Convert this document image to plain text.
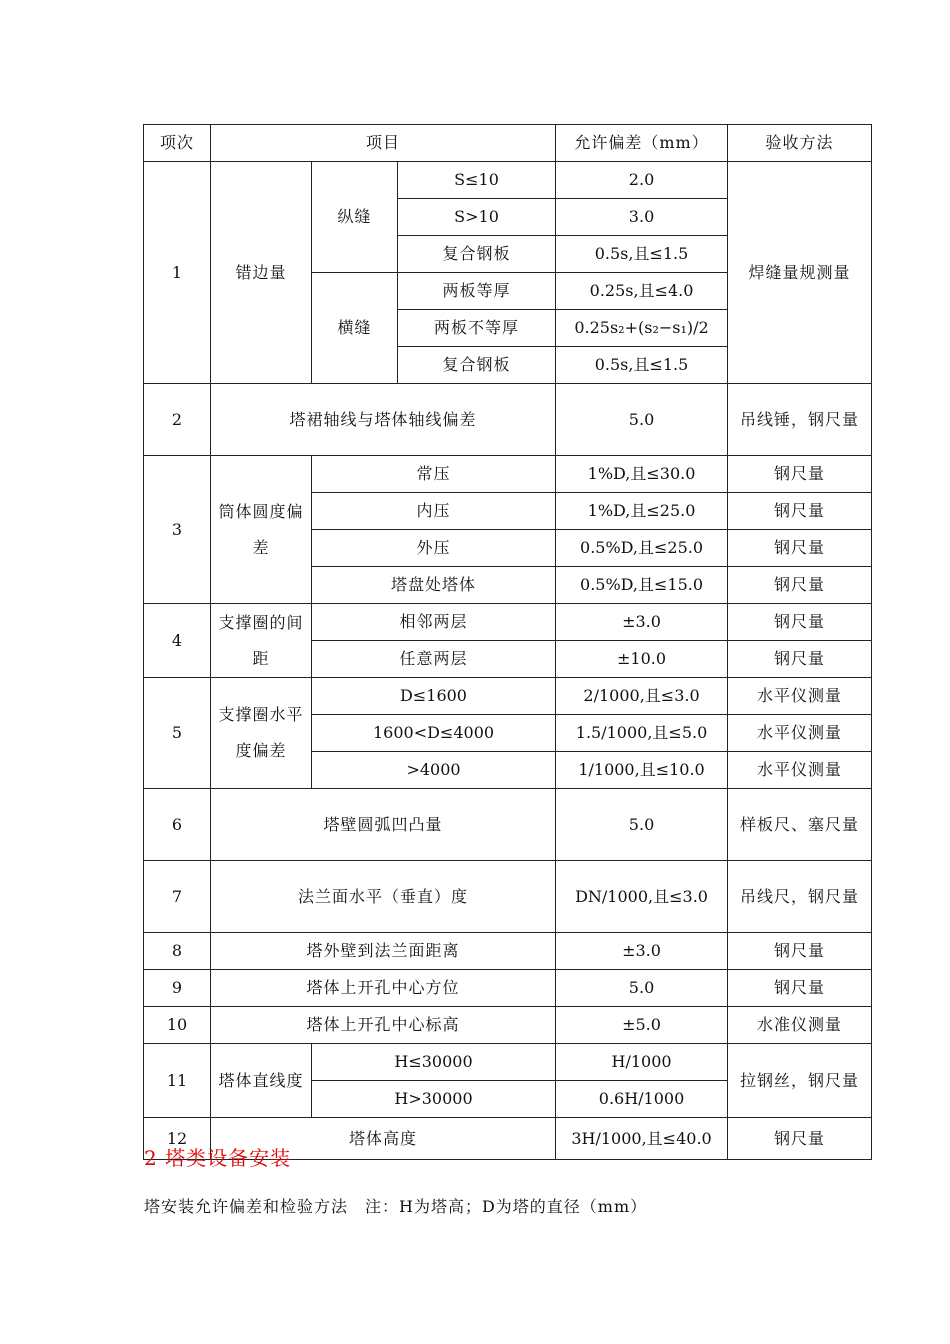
项次	项目			允许偏差（mm）	验收方法
1	错边量	纵缝	S≤10	2.0	焊缝量规测量
			S>10	3.0	
			复合钢板	0.5s,且≤1.5	
		横缝	两板等厚	0.25s,且≤4.0	
			两板不等厚	0.25s₂+(s₂−s₁)/2	
			复合钢板	0.5s,且≤1.5	
2	塔裙轴线与塔体轴线偏差			5.0	吊线锤，钢尺量
3	筒体圆度偏差	常压		1%D,且≤30.0	钢尺量
		内压		1%D,且≤25.0	钢尺量
		外压		0.5%D,且≤25.0	钢尺量
		塔盘处塔体		0.5%D,且≤15.0	钢尺量
4	支撑圈的间距	相邻两层		±3.0	钢尺量
		任意两层		±10.0	钢尺量
5	支撑圈水平度偏差	D≤1600		2/1000,且≤3.0	水平仪测量
		1600<D≤4000		1.5/1000,且≤5.0	水平仪测量
		>4000		1/1000,且≤10.0	水平仪测量
6	塔壁圆弧凹凸量			5.0	样板尺、塞尺量
7	法兰面水平（垂直）度			DN/1000,且≤3.0	吊线尺，钢尺量
8	塔外壁到法兰面距离			±3.0	钢尺量
9	塔体上开孔中心方位			5.0	钢尺量
10	塔体上开孔中心标高			±5.0	水准仪测量
11	塔体直线度	H≤30000		H/1000	拉钢丝，钢尺量
		H>30000		0.6H/1000	
12	塔体高度			3H/1000,且≤40.0	钢尺量
2 塔类设备安装
塔安装允许偏差和检验方法　注：H为塔高；D为塔的直径（mm）
